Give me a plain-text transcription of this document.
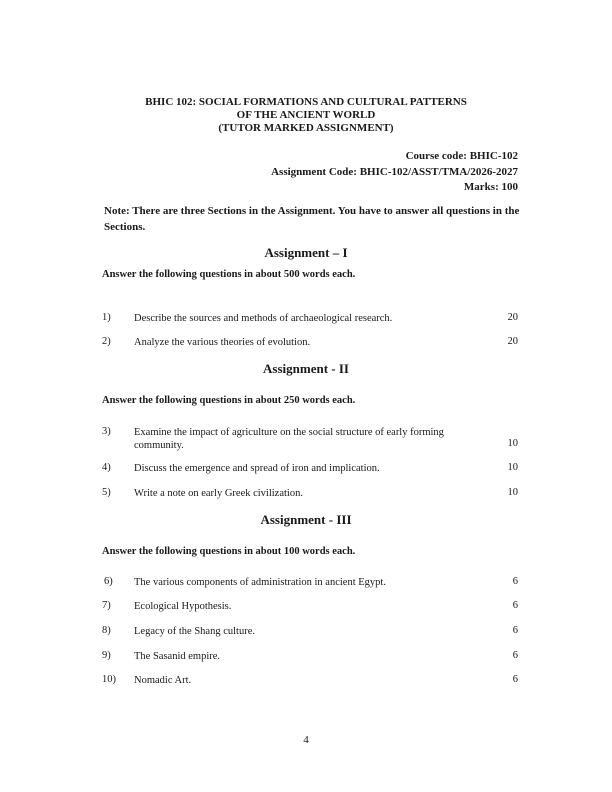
BHIC 102: SOCIAL FORMATIONS AND CULTURAL PATTERNS
OF THE ANCIENT WORLD
(TUTOR MARKED ASSIGNMENT)
Course code: BHIC-102
Assignment Code: BHIC-102/ASST/TMA/2026-2027
Marks: 100
Note: There are three Sections in the Assignment. You have to answer all questions in the Sections.
Assignment – I
Answer the following questions in about 500 words each.
1) Describe the sources and methods of archaeological research.	20
2) Analyze the various theories of evolution.	20
Assignment - II
Answer the following questions in about 250 words each.
3) Examine the impact of agriculture on the social structure of early forming community.	10
4) Discuss the emergence and spread of iron and implication.	10
5) Write a note on early Greek civilization.	10
Assignment - III
Answer the following questions in about 100 words each.
6) The various components of administration in ancient Egypt.	6
7) Ecological Hypothesis.	6
8) Legacy of the Shang culture.	6
9) The Sasanid empire.	6
10) Nomadic Art.	6
4
